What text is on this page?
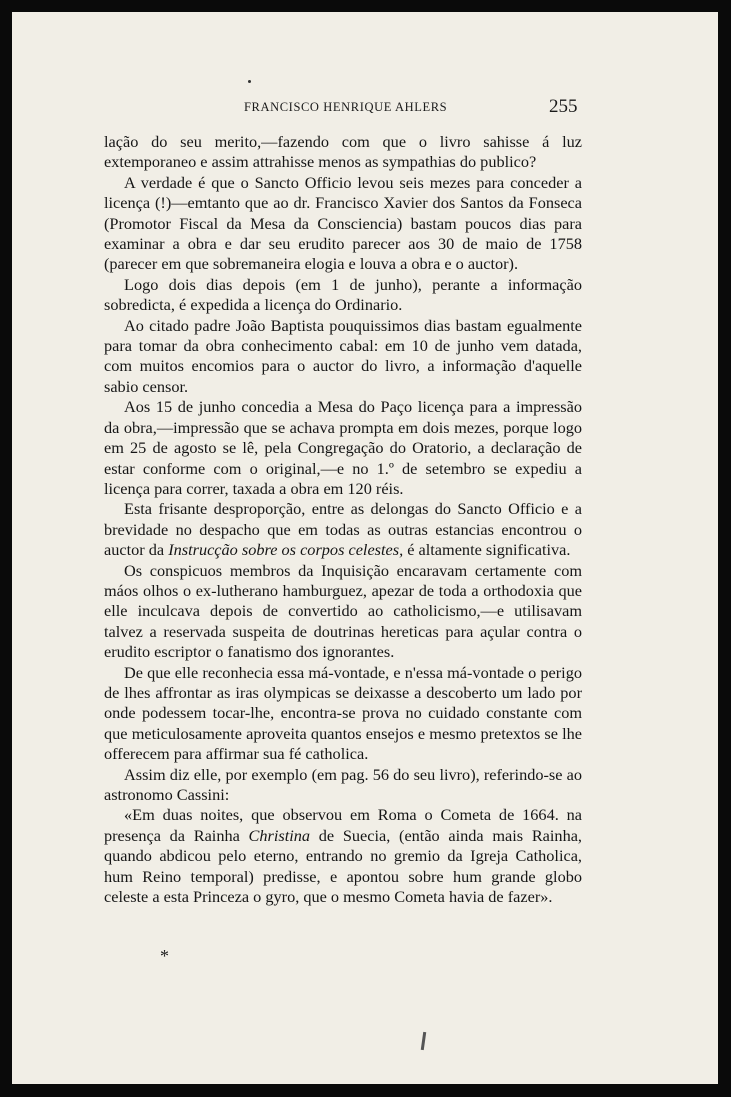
FRANCISCO HENRIQUE AHLERS	255

lação do seu merito,—fazendo com que o livro sahisse á luz extemporaneo e assim attrahisse menos as sympathias do publico?

A verdade é que o Sancto Officio levou seis mezes para conceder a licença (!)—emtanto que ao dr. Francisco Xavier dos Santos da Fonseca (Promotor Fiscal da Mesa da Consciencia) bastam poucos dias para examinar a obra e dar seu erudito parecer aos 30 de maio de 1758 (parecer em que sobremaneira elogia e louva a obra e o auctor).

Logo dois dias depois (em 1 de junho), perante a informação sobredicta, é expedida a licença do Ordinario.

Ao citado padre João Baptista pouquissimos dias bastam egualmente para tomar da obra conhecimento cabal: em 10 de junho vem datada, com muitos encomios para o auctor do livro, a informação d'aquelle sabio censor.

Aos 15 de junho concedia a Mesa do Paço licença para a impressão da obra,—impressão que se achava prompta em dois mezes, porque logo em 25 de agosto se lê, pela Congregação do Oratorio, a declaração de estar conforme com o original,—e no 1.º de setembro se expediu a licença para correr, taxada a obra em 120 réis.

Esta frisante desproporção, entre as delongas do Sancto Officio e a brevidade no despacho que em todas as outras estancias encontrou o auctor da Instrucção sobre os corpos celestes, é altamente significativa.

Os conspicuos membros da Inquisição encaravam certamente com máos olhos o ex-lutherano hamburguez, apezar de toda a orthodoxia que elle inculcava depois de convertido ao catholicismo,—e utilisavam talvez a reservada suspeita de doutrinas hereticas para açular contra o erudito escriptor o fanatismo dos ignorantes.

De que elle reconhecia essa má-vontade, e n'essa má-vontade o perigo de lhes affrontar as iras olympicas se deixasse a descoberto um lado por onde podessem tocar-lhe, encontra-se prova no cuidado constante com que meticulosamente aproveita quantos ensejos e mesmo pretextos se lhe offerecem para affirmar sua fé catholica.

Assim diz elle, por exemplo (em pag. 56 do seu livro), referindo-se ao astronomo Cassini:

«Em duas noites, que observou em Roma o Cometa de 1664. na presença da Rainha Christina de Suecia, (então ainda mais Rainha, quando abdicou pelo eterno, entrando no gremio da Igreja Catholica, hum Reino temporal) predisse, e apontou sobre hum grande globo celeste a esta Princeza o gyro, que o mesmo Cometa havia de fazer».

*
